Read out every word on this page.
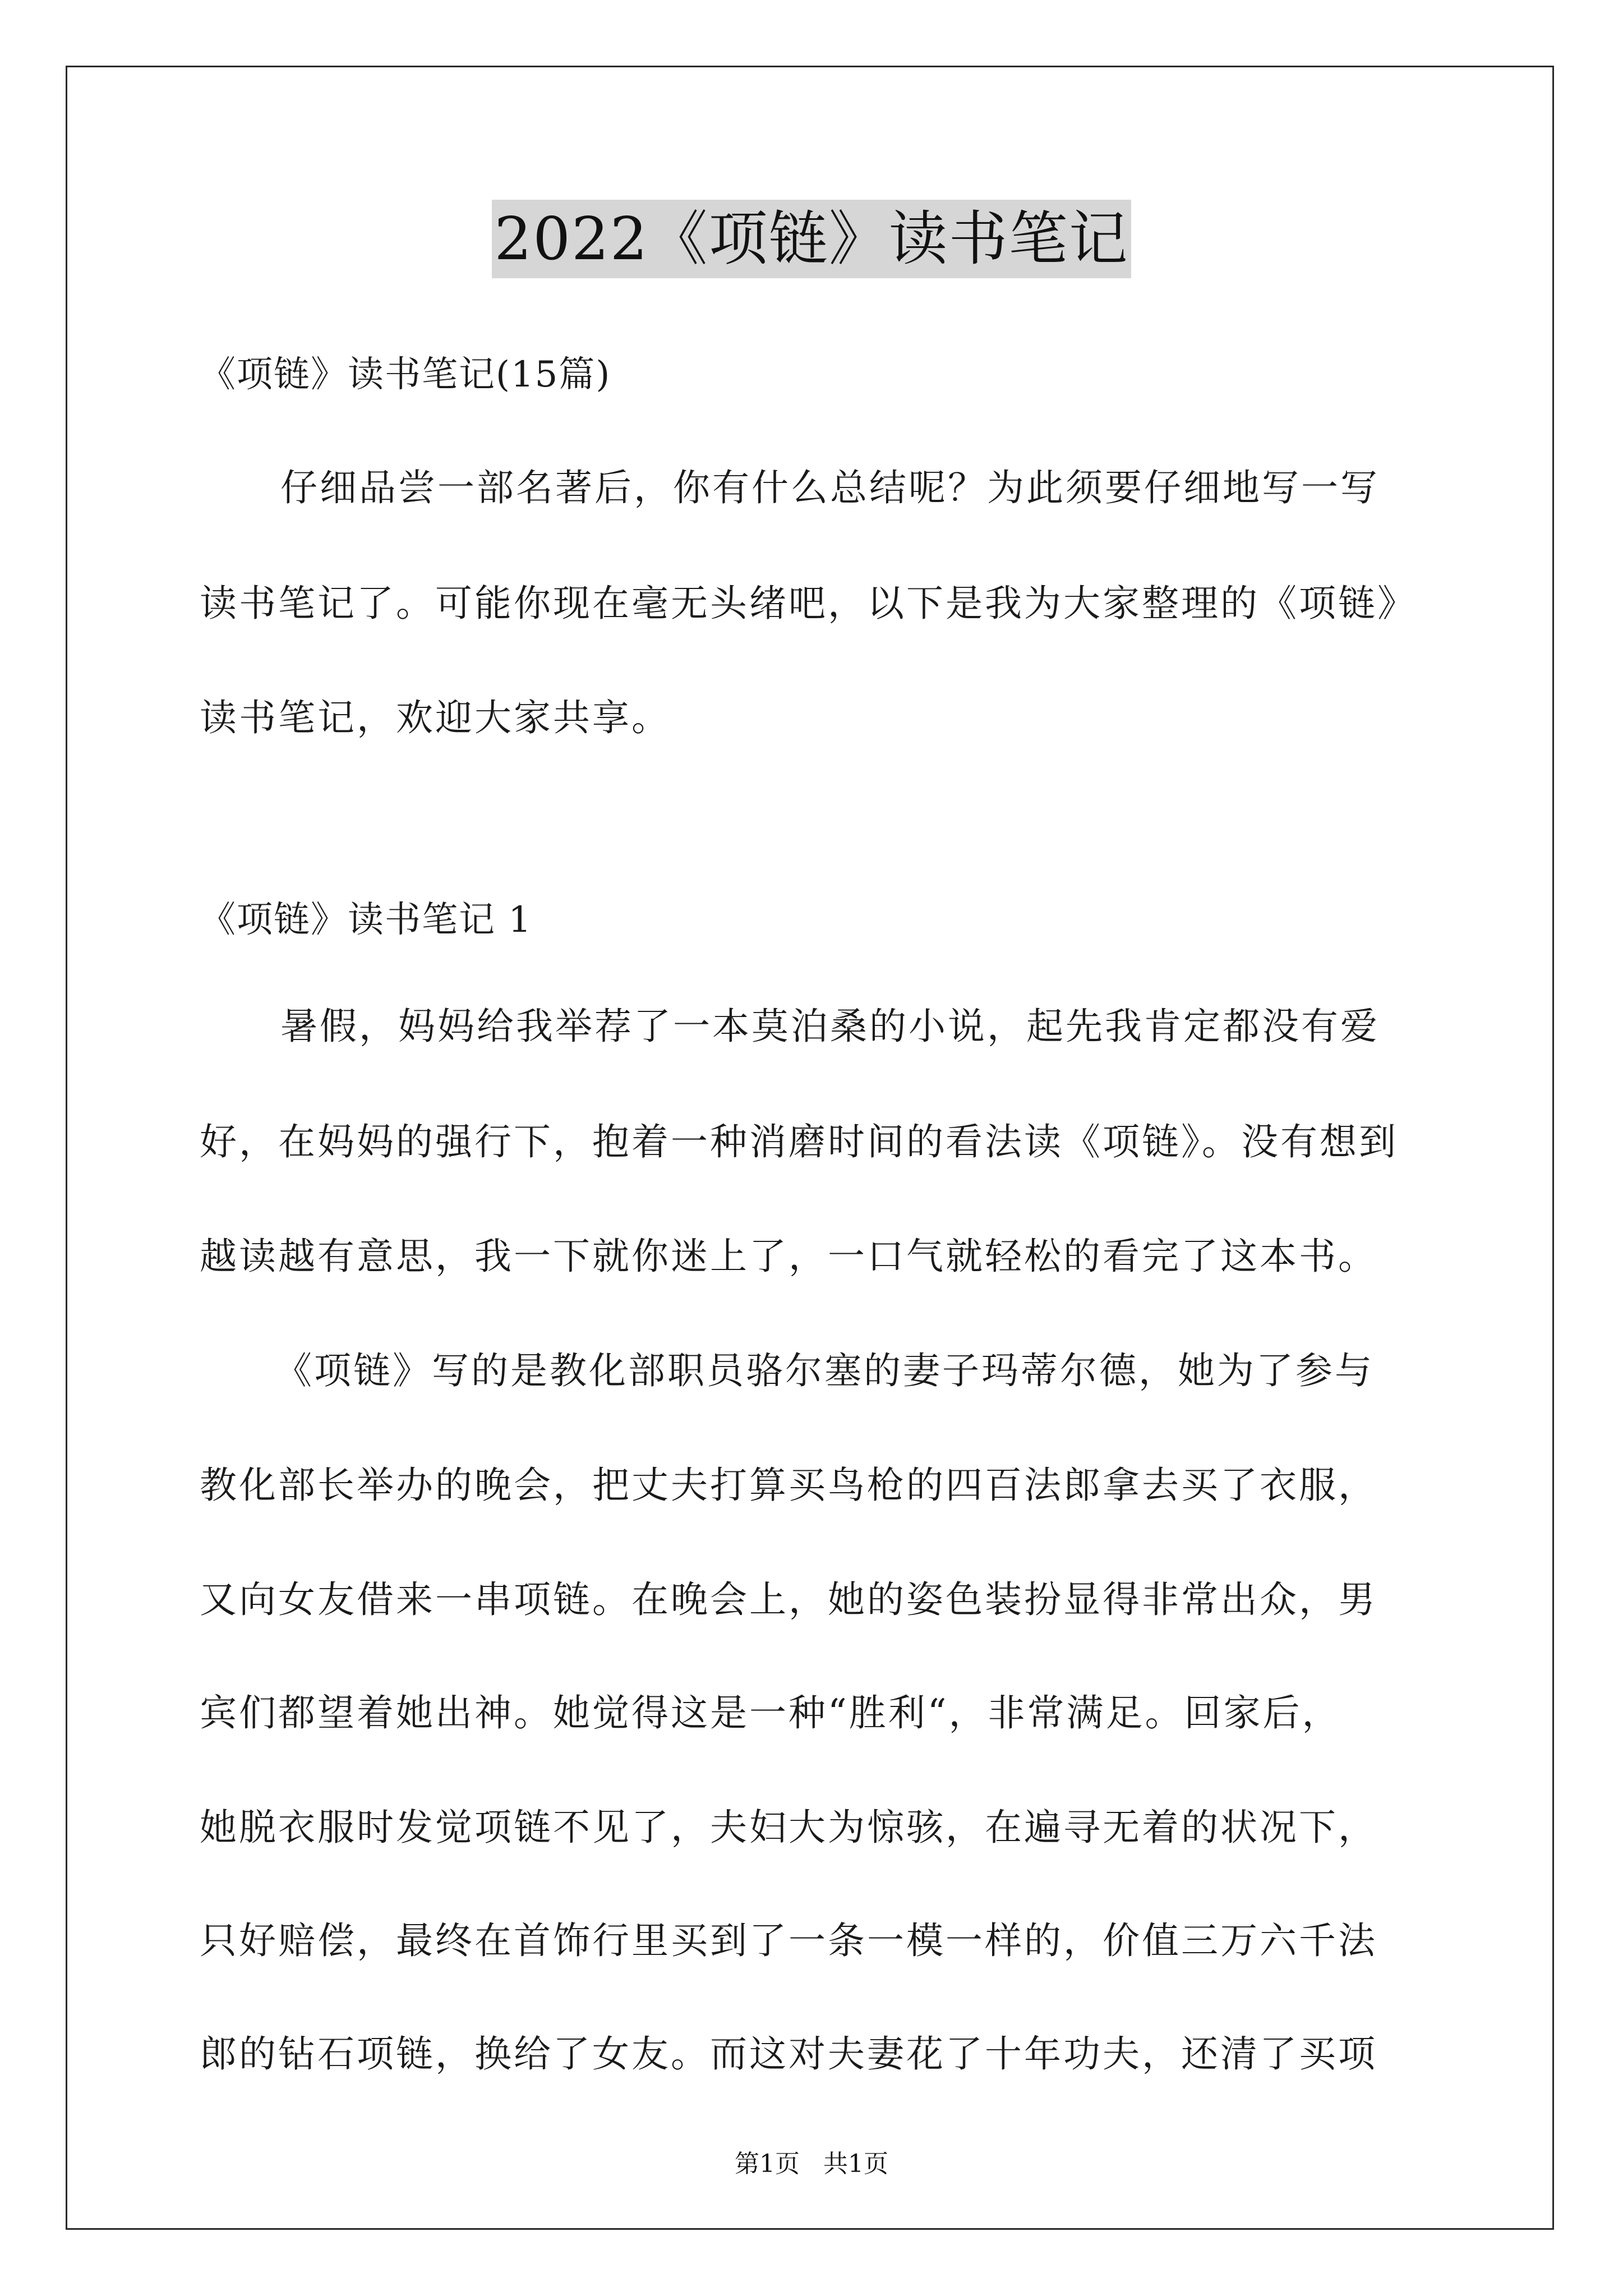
2022《项链》读书笔记
《项链》读书笔记(15篇)
仔细品尝一部名著后，你有什么总结呢？为此须要仔细地写一写
读书笔记了。可能你现在毫无头绪吧，以下是我为大家整理的《项链》
读书笔记，欢迎大家共享。
《项链》读书笔记 1
暑假，妈妈给我举荐了一本莫泊桑的小说，起先我肯定都没有爱
好，在妈妈的强行下，抱着一种消磨时间的看法读《项链》。没有想到
越读越有意思，我一下就你迷上了，一口气就轻松的看完了这本书。
《项链》写的是教化部职员骆尔塞的妻子玛蒂尔德，她为了参与
教化部长举办的晚会，把丈夫打算买鸟枪的四百法郎拿去买了衣服，
又向女友借来一串项链。在晚会上，她的姿色装扮显得非常出众，男
宾们都望着她出神。她觉得这是一种“胜利“，非常满足。回家后，
她脱衣服时发觉项链不见了，夫妇大为惊骇，在遍寻无着的状况下，
只好赔偿，最终在首饰行里买到了一条一模一样的，价值三万六千法
郎的钻石项链，换给了女友。而这对夫妻花了十年功夫，还清了买项
第1页   共1页
